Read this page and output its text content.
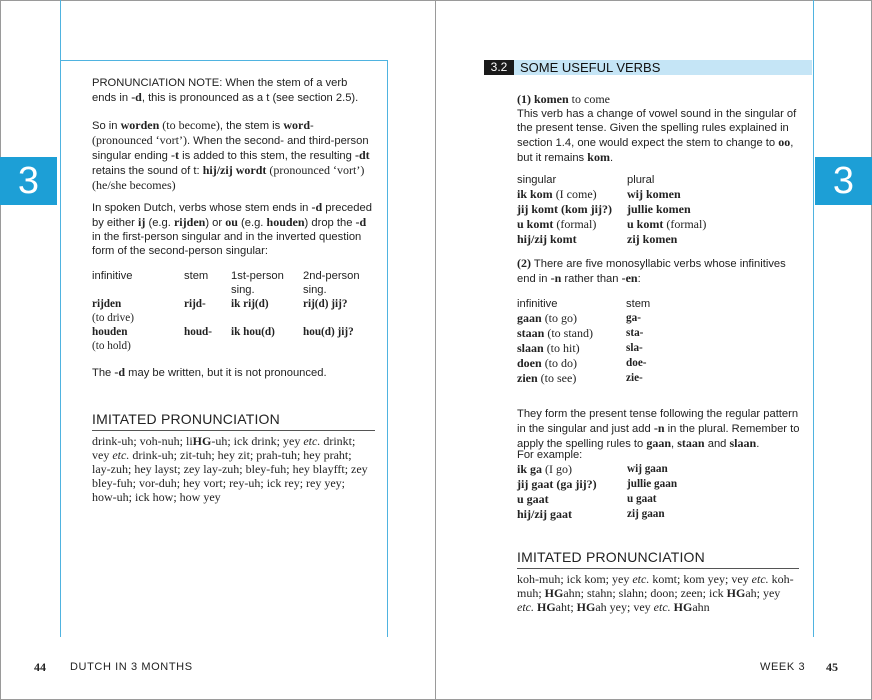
3	3

PRONUNCIATION NOTE: When the stem of a verb

ends in -d, this is pronounced as a t (see section 2.5).

So in worden (to become), the stem is word-

(pronounced ‘vort’). When the second- and third-person

singular ending -t is added to this stem, the resulting -dt

retains the sound of t: hij/zij wordt (pronounced ‘vort’)

(he/she becomes)

In spoken Dutch, verbs whose stem ends in -d preceded

by either ij (e.g. rijden) or ou (e.g. houden) drop the -d

in the first-person singular and in the inverted question

form of the second-person singular:

infinitive	stem	1st-person	2nd-person
		sing.	sing.
rijden	rijd-	ik rij(d)	rij(d) jij?
(to drive)			
houden	houd-	ik hou(d)	hou(d) jij?
(to hold)			

The -d may be written, but it is not pronounced.

IMITATED PRONUNCIATION

drink-uh; voh-nuh; liHG-uh; ick drink; yey etc. drinkt;

vey etc. drink-uh; zit-tuh; hey zit; prah-tuh; hey praht;

lay-zuh; hey layst; zey lay-zuh; bley-fuh; hey blayfft; zey

bley-fuh; vor-duh; hey vort; rey-uh; ick rey; rey yey;

how-uh; ick how; how yey

3.2 SOME USEFUL VERBS

(1) komen to come

This verb has a change of vowel sound in the singular of

the present tense. Given the spelling rules explained in

section 1.4, one would expect the stem to change to oo,

but it remains kom.

singular	plural
ik kom (I come)	wij komen
jij komt (kom jij?)	jullie komen
u komt (formal)	u komt (formal)
hij/zij komt	zij komen

(2) There are five monosyllabic verbs whose infinitives

end in -n rather than -en:

infinitive	stem
gaan (to go)	ga-
staan (to stand)	sta-
slaan (to hit)	sla-
doen (to do)	doe-
zien (to see)	zie-

They form the present tense following the regular pattern

in the singular and just add -n in the plural. Remember to

apply the spelling rules to gaan, staan and slaan.

For example:
ik ga (I go)	wij gaan
jij gaat (ga jij?)	jullie gaan
u gaat	u gaat
hij/zij gaat	zij gaan
IMITATED PRONUNCIATION

koh-muh; ick kom; yey etc. komt; kom yey; vey etc. koh-

muh; HGahn; stahn; slahn; doon; zeen; ick HGah; yey

etc. HGaht; HGah yey; vey etc. HGahn

44 DUTCH IN 3 MONTHS	WEEK 3 45
